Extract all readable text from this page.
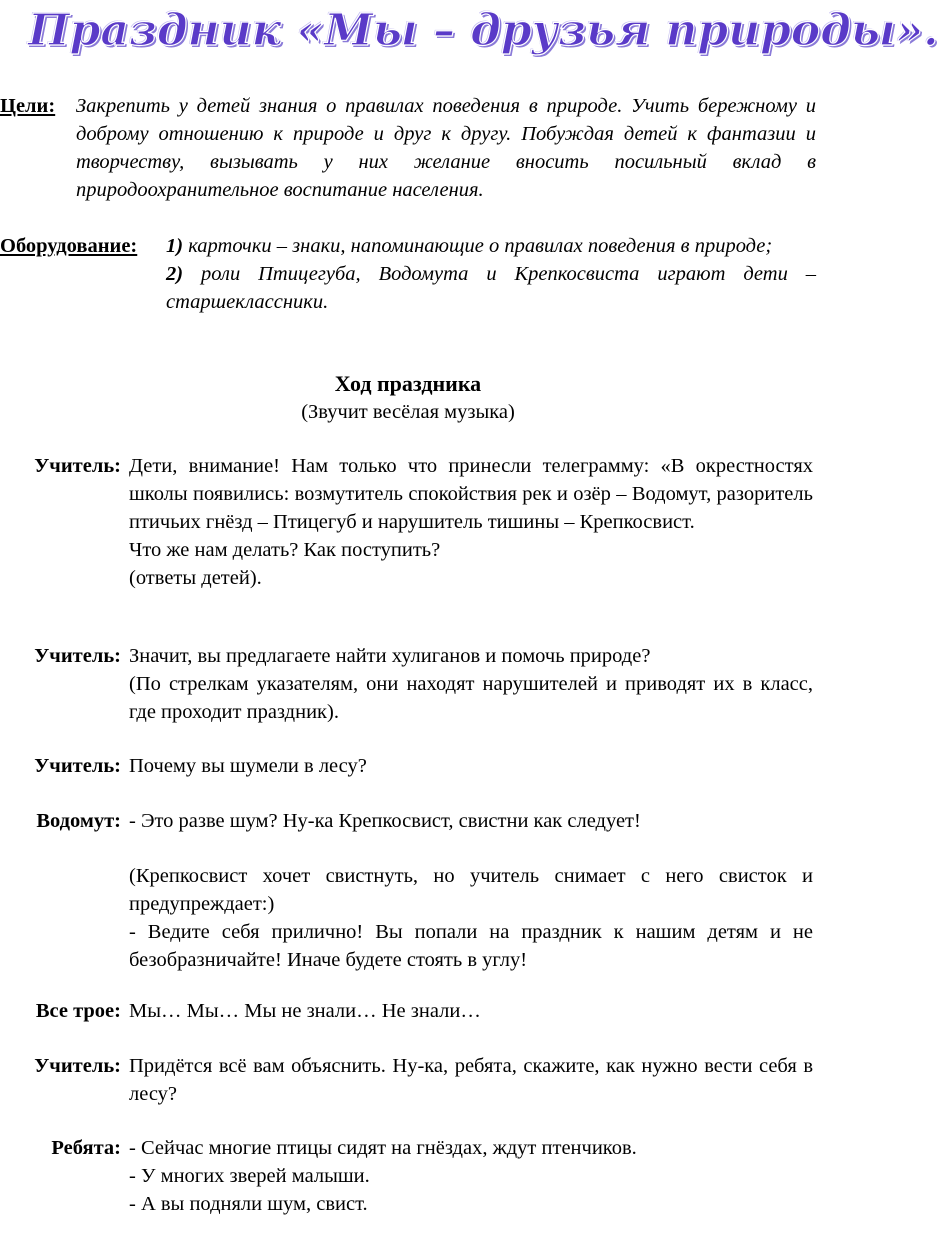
Праздник «Мы – друзья природы».
Цели: Закрепить у детей знания о правилах поведения в природе. Учить бережному и доброму отношению к природе и друг к другу. Побуждая детей к фантазии и творчеству, вызывать у них желание вносить посильный вклад в природоохранительное воспитание населения.
Оборудование: 1) карточки – знаки, напоминающие о правилах поведения в природе;
2) роли Птицегуба, Водомута и Крепкосвиста играют дети – старшеклассники.
Ход праздника
(Звучит весёлая музыка)
Учитель: Дети, внимание! Нам только что принесли телеграмму: «В окрестностях школы появились: возмутитель спокойствия рек и озёр – Водомут, разоритель птичьих гнёзд – Птицегуб и нарушитель тишины – Крепкосвист.

Что же нам делать? Как поступить?

(ответы детей).

Учитель: Значит, вы предлагаете найти хулиганов и помочь природе?

(По стрелкам указателям, они находят нарушителей и приводят их в класс, где проходит праздник).

Учитель: Почему вы шумели в лесу?

Водомут: - Это разве шум? Ну-ка Крепкосвист, свистни как следует!

(Крепкосвист хочет свистнуть, но учитель снимает с него свисток и предупреждает:)

- Ведите себя прилично! Вы попали на праздник к нашим детям и не безобразничайте! Иначе будете стоять в углу!

Все трое: Мы… Мы… Мы не знали… Не знали…

Учитель: Придётся всё вам объяснить. Ну-ка, ребята, скажите, как нужно вести себя в лесу?

Ребята: - Сейчас многие птицы сидят на гнёздах, ждут птенчиков.

- У многих зверей малыши.

- А вы подняли шум, свист.
